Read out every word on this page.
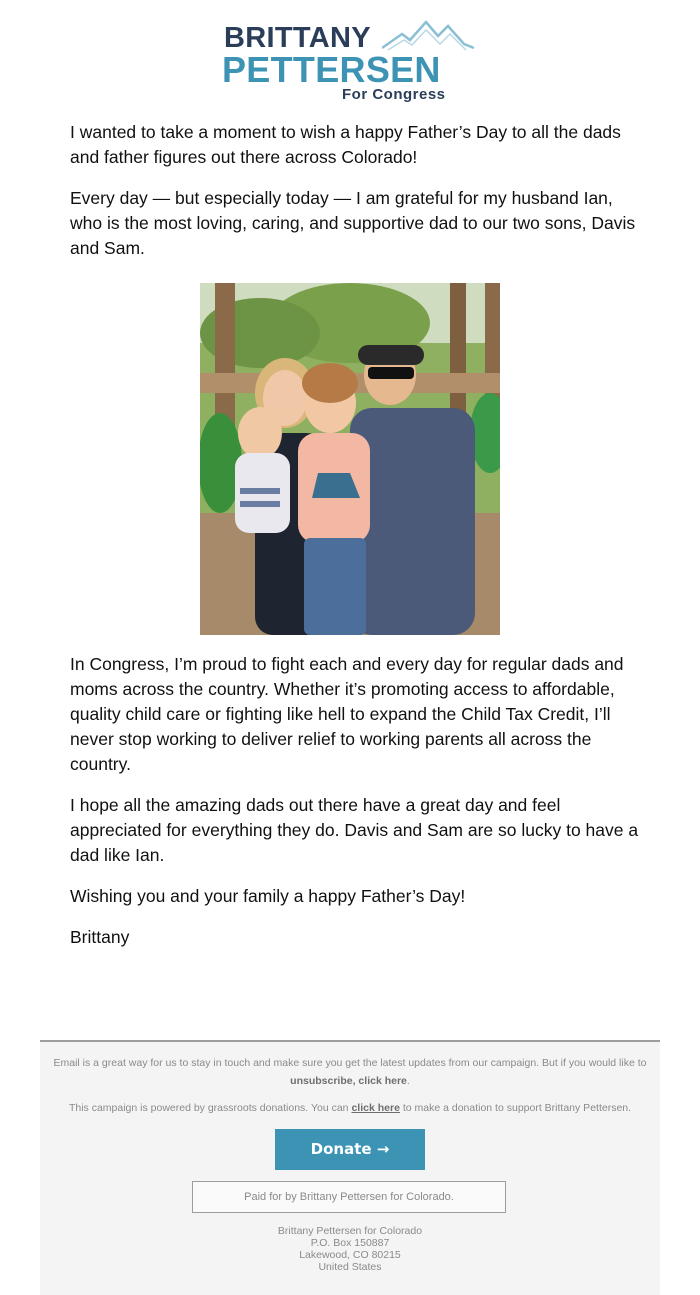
BRITTANY
PETTERSEN
For Congress

I wanted to take a moment to wish a happy Father’s Day to all the dads and father figures out there across Colorado!

Every day — but especially today — I am grateful for my husband Ian, who is the most loving, caring, and supportive dad to our two sons, Davis and Sam.

In Congress, I’m proud to fight each and every day for regular dads and moms across the country. Whether it’s promoting access to affordable, quality child care or fighting like hell to expand the Child Tax Credit, I’ll never stop working to deliver relief to working parents all across the country.

I hope all the amazing dads out there have a great day and feel appreciated for everything they do. Davis and Sam are so lucky to have a dad like Ian.

Wishing you and your family a happy Father’s Day!

Brittany

Email is a great way for us to stay in touch and make sure you get the latest updates from our campaign. But if you would like to unsubscribe, click here.
This campaign is powered by grassroots donations. You can click here to make a donation to support Brittany Pettersen.
Donate →
Paid for by Brittany Pettersen for Colorado.
Brittany Pettersen for Colorado
P.O. Box 150887
Lakewood, CO 80215
United States
